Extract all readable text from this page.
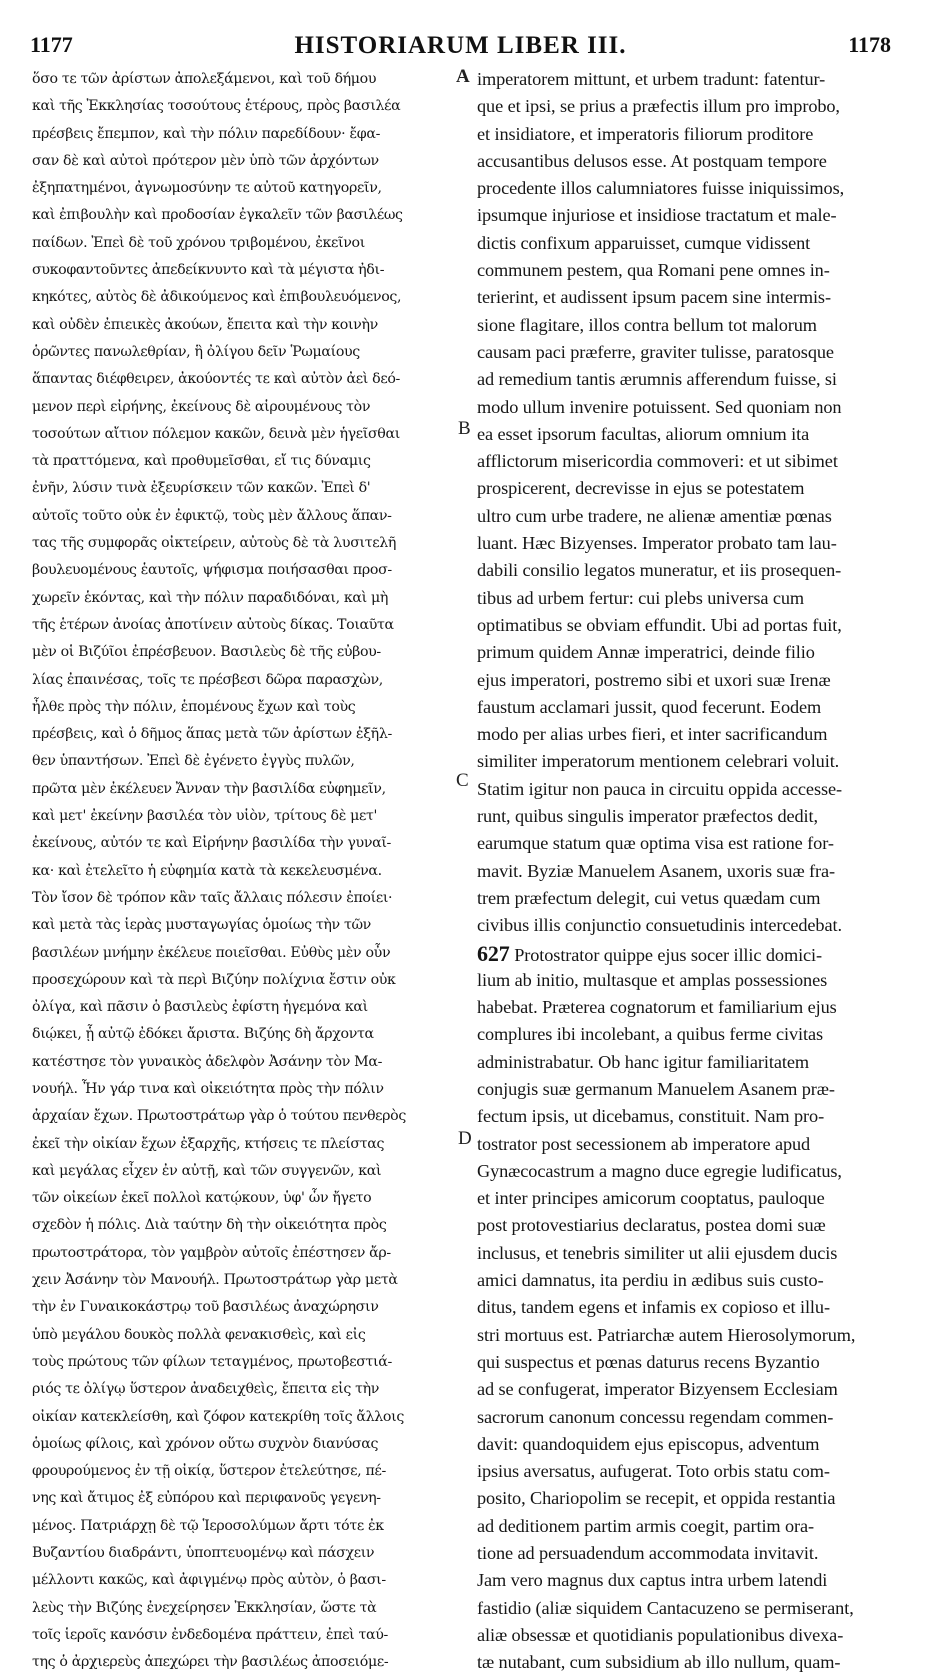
1177	HISTORIARUM LIBER III.	1178
ὅσο τε τῶν ἀρίστων ἀπολεξάμενοι, καὶ τοῦ δήμου
καὶ τῆς Ἐκκλησίας τοσούτους ἑτέρους, πρὸς βασιλέα
πρέσβεις ἔπεμπον, καὶ τὴν πόλιν παρεδίδουν· ἔφα-
σαν δὲ καὶ αὐτοὶ πρότερον μὲν ὑπὸ τῶν ἀρχόντων
ἐξηπατημένοι, ἀγνωμοσύνην τε αὐτοῦ κατηγορεῖν,
καὶ ἐπιβουλὴν καὶ προδοσίαν ἐγκαλεῖν τῶν βασιλέως
παίδων. Ἐπεὶ δὲ τοῦ χρόνου τριβομένου, ἐκεῖνοι
συκοφαντοῦντες ἀπεδείκνυντο καὶ τὰ μέγιστα ἠδι-
κηκότες, αὐτὸς δὲ ἀδικούμενος καὶ ἐπιβουλευόμενος,
καὶ οὐδὲν ἐπιεικὲς ἀκούων, ἔπειτα καὶ τὴν κοινὴν
ὁρῶντες πανωλεθρίαν, ἣ ὀλίγου δεῖν Ῥωμαίους
ἅπαντας διέφθειρεν, ἀκούοντές τε καὶ αὐτὸν ἀεὶ δεό-
μενον περὶ εἰρήνης, ἐκείνους δὲ αἱρουμένους τὸν
τοσούτων αἴτιον πόλεμον κακῶν, δεινὰ μὲν ἡγεῖσθαι
τὰ πραττόμενα, καὶ προθυμεῖσθαι, εἴ τις δύναμις
ἐνῆν, λύσιν τινὰ ἐξευρίσκειν τῶν κακῶν. Ἐπεὶ δ'
αὐτοῖς τοῦτο οὐκ ἐν ἐφικτῷ, τοὺς μὲν ἄλλους ἅπαν-
τας τῆς συμφορᾶς οἰκτείρειν, αὐτοὺς δὲ τὰ λυσιτελῆ
βουλευομένους ἑαυτοῖς, ψήφισμα ποιήσασθαι προσ-
χωρεῖν ἑκόντας, καὶ τὴν πόλιν παραδιδόναι, καὶ μὴ
τῆς ἑτέρων ἀνοίας ἀποτίνειν αὐτοὺς δίκας. Τοιαῦτα
μὲν οἱ Βιζύῖοι ἐπρέσβευον. Βασιλεὺς δὲ τῆς εὐβου-
λίας ἐπαινέσας, τοῖς τε πρέσβεσι δῶρα παρασχὼν,
ἦλθε πρὸς τὴν πόλιν, ἑπομένους ἔχων καὶ τοὺς
πρέσβεις, καὶ ὁ δῆμος ἅπας μετὰ τῶν ἀρίστων ἐξῆλ-
θεν ὑπαντήσων. Ἐπεὶ δὲ ἐγένετο ἐγγὺς πυλῶν,
πρῶτα μὲν ἐκέλευεν Ἄνναν τὴν βασιλίδα εὐφημεῖν,
καὶ μετ' ἐκείνην βασιλέα τὸν υἱὸν, τρίτους δὲ μετ'
ἐκείνους, αὐτόν τε καὶ Εἰρήνην βασιλίδα τὴν γυναῖ-
κα· καὶ ἐτελεῖτο ἡ εὐφημία κατὰ τὰ κεκελευσμένα.
Τὸν ἴσον δὲ τρόπον κἂν ταῖς ἄλλαις πόλεσιν ἐποίει·
καὶ μετὰ τὰς ἱερὰς μυσταγωγίας ὁμοίως τὴν τῶν
βασιλέων μνήμην ἐκέλευε ποιεῖσθαι. Εὐθὺς μὲν οὖν
προσεχώρουν καὶ τὰ περὶ Βιζύην πολίχνια ἔστιν οὐκ
ὀλίγα, καὶ πᾶσιν ὁ βασιλεὺς ἐφίστη ἡγεμόνα καὶ
διῴκει, ᾗ αὐτῷ ἐδόκει ἄριστα. Βιζύης δὴ ἄρχοντα
κατέστησε τὸν γυναικὸς ἀδελφὸν Ἀσάνην τὸν Μα-
νουήλ. Ἦν γάρ τινα καὶ οἰκειότητα πρὸς τὴν πόλιν
ἀρχαίαν ἔχων. Πρωτοστράτωρ γὰρ ὁ τούτου πενθερὸς
ἐκεῖ τὴν οἰκίαν ἔχων ἐξαρχῆς, κτήσεις τε πλείστας
καὶ μεγάλας εἶχεν ἐν αὐτῇ, καὶ τῶν συγγενῶν, καὶ
τῶν οἰκείων ἐκεῖ πολλοὶ κατῴκουν, ὑφ' ὧν ἤγετο
σχεδὸν ἡ πόλις. Διὰ ταύτην δὴ τὴν οἰκειότητα πρὸς
πρωτοστράτορα, τὸν γαμβρὸν αὐτοῖς ἐπέστησεν ἄρ-
χειν Ἀσάνην τὸν Μανουήλ. Πρωτοστράτωρ γὰρ μετὰ
τὴν ἐν Γυναικοκάστρῳ τοῦ βασιλέως ἀναχώρησιν
ὑπὸ μεγάλου δουκὸς πολλὰ φενακισθεὶς, καὶ εἰς
τοὺς πρώτους τῶν φίλων τεταγμένος, πρωτοβεστιά-
ριός τε ὀλίγῳ ὕστερον ἀναδειχθεὶς, ἔπειτα εἰς τὴν
οἰκίαν κατεκλείσθη, καὶ ζόφον κατεκρίθη τοῖς ἄλλοις
ὁμοίως φίλοις, καὶ χρόνον οὕτω συχνὸν διανύσας
φρουρούμενος ἐν τῇ οἰκίᾳ, ὕστερον ἐτελεύτησε, πέ-
νης καὶ ἄτιμος ἐξ εὐπόρου καὶ περιφανοῦς γεγενη-
μένος. Πατριάρχῃ δὲ τῷ Ἱεροσολύμων ἄρτι τότε ἐκ
Βυζαντίου διαδράντι, ὑποπτευομένῳ καὶ πάσχειν
μέλλοντι κακῶς, καὶ ἀφιγμένῳ πρὸς αὐτὸν, ὁ βασι-
λεὺς τὴν Βιζύης ἐνεχείρησεν Ἐκκλησίαν, ὥστε τὰ
τοῖς ἱεροῖς κανόσιν ἐνδεδομένα πράττειν, ἐπεὶ ταύ-
της ὁ ἀρχιερεὺς ἀπεχώρει τὴν βασιλέως ἀποσειόμε-
imperatorem mittunt, et urbem tradunt: fatentur-
que et ipsi, se prius a præfectis illum pro improbo,
et insidiatore, et imperatoris filiorum proditore
accusantibus delusos esse. At postquam tempore
procedente illos calumniatores fuisse iniquissimos,
ipsumque injuriose et insidiose tractatum et male-
dictis confixum apparuisset, cumque vidissent
communem pestem, qua Romani pene omnes in-
terierint, et audissent ipsum pacem sine intermis-
sione flagitare, illos contra bellum tot malorum
causam paci præferre, graviter tulisse, paratosque
ad remedium tantis ærumnis afferendum fuisse, si
modo ullum invenire potuissent. Sed quoniam non
ea esset ipsorum facultas, aliorum omnium ita
afflictorum misericordia commoveri: et ut sibimet
prospicerent, decrevisse in ejus se potestatem
ultro cum urbe tradere, ne alienæ amentiæ pœnas
luant. Hæc Bizyenses. Imperator probato tam lau-
dabili consilio legatos muneratur, et iis prosequen-
tibus ad urbem fertur: cui plebs universa cum
optimatibus se obviam effundit. Ubi ad portas fuit,
primum quidem Annæ imperatrici, deinde filio
ejus imperatori, postremo sibi et uxori suæ Irenæ
faustum acclamari jussit, quod fecerunt. Eodem
modo per alias urbes fieri, et inter sacrificandum
similiter imperatorum mentionem celebrari voluit.
Statim igitur non pauca in circuitu oppida accesse-
runt, quibus singulis imperator præfectos dedit,
earumque statum quæ optima visa est ratione for-
mavit. Byziæ Manuelem Asanem, uxoris suæ fra-
trem præfectum delegit, cui vetus quædam cum
civibus illis conjunctio consuetudinis intercedebat.
627 Protostrator quippe ejus socer illic domici-
lium ab initio, multasque et amplas possessiones
habebat. Præterea cognatorum et familiarium ejus
complures ibi incolebant, a quibus ferme civitas
administrabatur. Ob hanc igitur familiaritatem
conjugis suæ germanum Manuelem Asanem præ-
fectum ipsis, ut dicebamus, constituit. Nam pro-
tostrator post secessionem ab imperatore apud
Gynæcocastrum a magno duce egregie ludificatus,
et inter principes amicorum cooptatus, pauloque
post protovestiarius declaratus, postea domi suæ
inclusus, et tenebris similiter ut alii ejusdem ducis
amici damnatus, ita perdiu in ædibus suis custo-
ditus, tandem egens et infamis ex copioso et illu-
stri mortuus est. Patriarchæ autem Hierosolymorum,
qui suspectus et pœnas daturus recens Byzantio
ad se confugerat, imperator Bizyensem Ecclesiam
sacrorum canonum concessu regendam commen-
davit: quandoquidem ejus episcopus, adventum
ipsius aversatus, aufugerat. Toto orbis statu com-
posito, Chariopolim se recepit, et oppida restantia
ad deditionem partim armis coegit, partim ora-
tione ad persuadendum accommodata invitavit.
Jam vero magnus dux captus intra urbem latendi
fastidio (aliæ siquidem Cantacuzeno se permiserant,
aliæ obsessæ et quotidianis populationibus divexa-
tæ nutabant, cum subsidium ab illo nullum, quam-
A
B
C
D
